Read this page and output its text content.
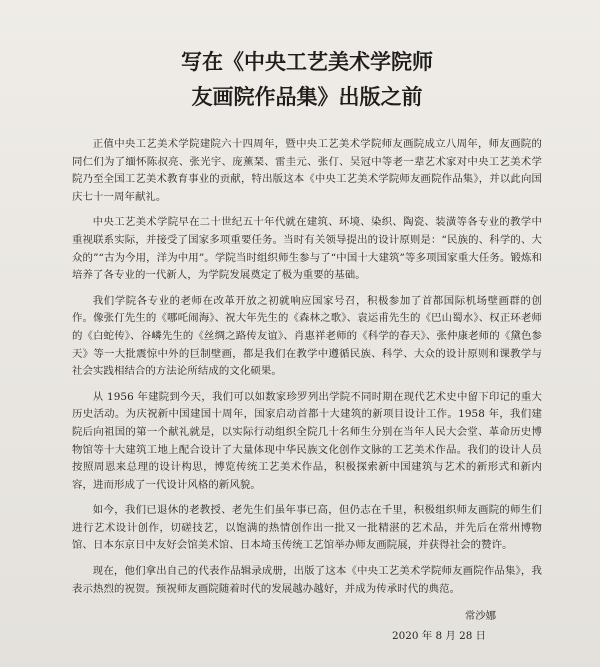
写在《中央工艺美术学院师
友画院作品集》出版之前

正值中央工艺美术学院建院六十四周年，暨中央工艺美术学院师友画院成立八周年，师友画院的同仁们为了缅怀陈叔亮、张光宇、庞薰琹、雷圭元、张仃、吴冠中等老一辈艺术家对中央工艺美术学院乃至全国工艺美术教育事业的贡献，特出版这本《中央工艺美术学院师友画院作品集》，并以此向国庆七十一周年献礼。

中央工艺美术学院早在二十世纪五十年代就在建筑、环境、染织、陶瓷、装潢等各专业的教学中重视联系实际，并接受了国家多项重要任务。当时有关领导提出的设计原则是：“民族的、科学的、大众的”“古为今用，洋为中用”。学院当时组织师生参与了“中国十大建筑”等多项国家重大任务。锻炼和培养了各专业的一代新人，为学院发展奠定了极为重要的基础。

我们学院各专业的老师在改革开放之初就响应国家号召，积极参加了首都国际机场壁画群的创作。像张仃先生的《哪吒闹海》、祝大年先生的《森林之歌》、袁运甫先生的《巴山蜀水》、权正环老师的《白蛇传》、谷嶙先生的《丝绸之路传友谊》、肖惠祥老师的《科学的春天》、张仲康老师的《黛色参天》等一大批震惊中外的巨制壁画，都是我们在教学中遵循民族、科学、大众的设计原则和课教学与社会实践相结合的方法论所结成的文化硕果。

从 1956 年建院到今天，我们可以如数家珍罗列出学院不同时期在现代艺术史中留下印记的重大历史活动。为庆祝新中国建国十周年，国家启动首都十大建筑的新项目设计工作。1958 年，我们建院后向祖国的第一个献礼就是，以实际行动组织全院几十名师生分别在当年人民大会堂、革命历史博物馆等十大建筑工地上配合设计了大量体现中华民族文化创作文脉的工艺美术作品。我们的设计人员按照周恩来总理的设计构思，博览传统工艺美术作品，积极探索新中国建筑与艺术的新形式和新内容，进而形成了一代设计风格的新风貌。

如今，我们已退休的老教授、老先生们虽年事已高，但仍志在千里，积极组织师友画院的师生们进行艺术设计创作，切磋技艺，以饱满的热情创作出一批又一批精湛的艺术品，并先后在常州博物馆、日本东京日中友好会馆美术馆、日本埼玉传统工艺馆举办师友画院展，并获得社会的赞许。

现在，他们拿出自己的代表作品辑录成册，出版了这本《中央工艺美术学院师友画院作品集》，我表示热烈的祝贺。预祝师友画院随着时代的发展越办越好，并成为传承时代的典范。

常沙娜
2020 年 8 月 28 日
